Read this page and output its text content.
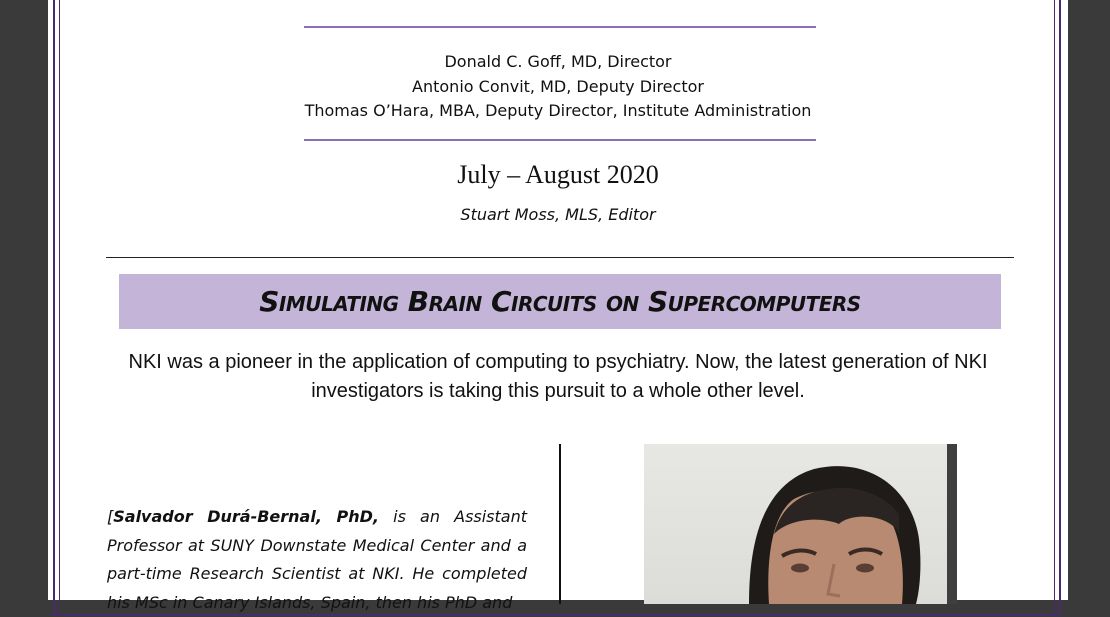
Donald C. Goff, MD, Director
Antonio Convit, MD, Deputy Director
Thomas O’Hara, MBA, Deputy Director, Institute Administration
July – August 2020
Stuart Moss, MLS, Editor
Simulating Brain Circuits on Supercomputers
NKI was a pioneer in the application of computing to psychiatry. Now, the latest generation of NKI investigators is taking this pursuit to a whole other level.

[Salvador Durá-Bernal, PhD, is an Assistant Professor at SUNY Downstate Medical Center and a part-time Research Scientist at NKI. He completed his MSc in Canary Islands, Spain, then his PhD and
